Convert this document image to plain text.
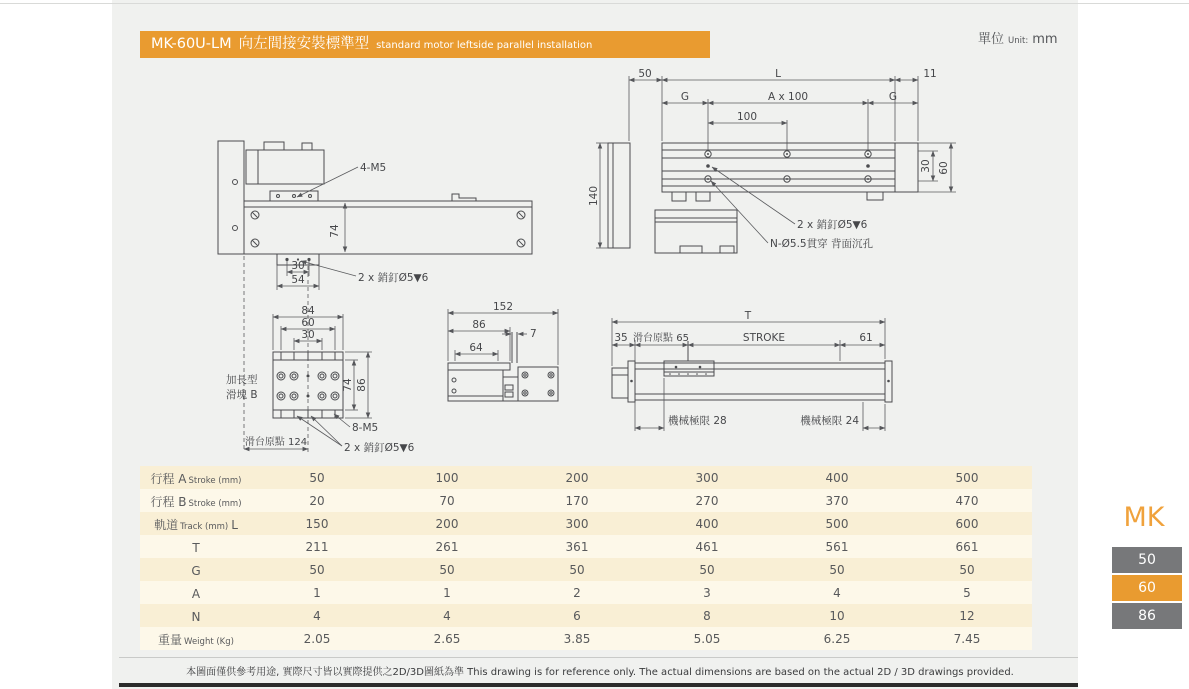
MK-60U-LM 向左間接安裝標準型 standard motor leftside parallel installation	單位 Unit: mm
74
30
54
4-M5
2 x 銷釘Ø5▼6
30
60
84
74 86
加長型
滑塊 B
滑台原點 124
8-M5
2 x 銷釘Ø5▼6
152
86
7
64
50	L	11
G	A x 100	G
100
140
30 60
2 x 銷釘Ø5▼6
N-Ø5.5貫穿 背面沉孔
T
35 滑台原點 65	STROKE	61
機械極限 28	機械極限 24
行程 A Stroke (mm)	50	100	200	300	400	500
行程 B Stroke (mm)	20	70	170	270	370	470
軌道 Track (mm) L	150	200	300	400	500	600
T	211	261	361	461	561	661
G	50	50	50	50	50	50
A	1	1	2	3	4	5
N	4	4	6	8	10	12
重量 Weight (Kg)	2.05	2.65	3.85	5.05	6.25	7.45
MK
50
60
86
本圖面僅供參考用途, 實際尺寸皆以實際提供之2D/3D圖紙為準 This drawing is for reference only. The actual dimensions are based on the actual 2D / 3D drawings provided.
